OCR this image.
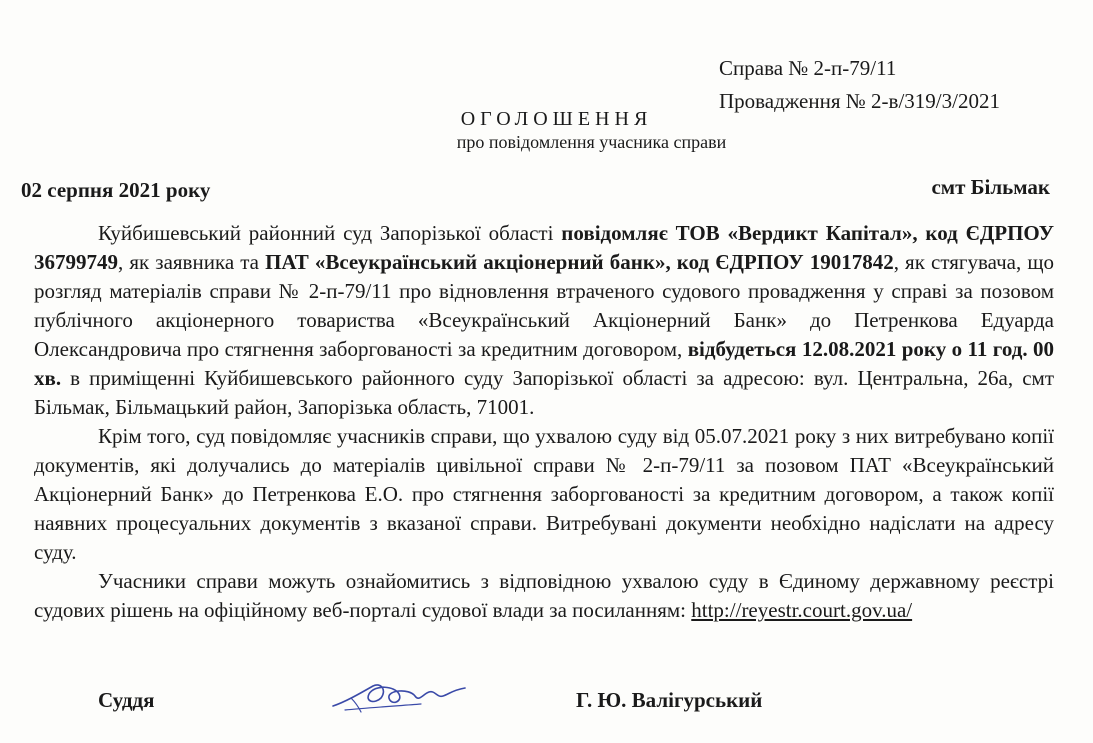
Справа № 2-п-79/11
Провадження № 2-в/319/3/2021
ОГОЛОШЕННЯ
про повідомлення учасника справи
02 серпня 2021 року	смт Більмак

Куйбишевський районний суд Запорізької області повідомляє ТОВ «Вердикт Капітал», код ЄДРПОУ 36799749, як заявника та ПАТ «Всеукраїнський акціонерний банк», код ЄДРПОУ 19017842, як стягувача, що розгляд матеріалів справи № 2-п-79/11 про відновлення втраченого судового провадження у справі за позовом публічного акціонерного товариства «Всеукраїнський Акціонерний Банк» до Петренкова Едуарда Олександровича про стягнення заборгованості за кредитним договором, відбудеться 12.08.2021 року о 11 год. 00 хв. в приміщенні Куйбишевського районного суду Запорізької області за адресою: вул. Центральна, 26а, смт Більмак, Більмацький район, Запорізька область, 71001.

Крім того, суд повідомляє учасників справи, що ухвалою суду від 05.07.2021 року з них витребувано копії документів, які долучались до матеріалів цивільної справи № 2-п-79/11 за позовом ПАТ «Всеукраїнський Акціонерний Банк» до Петренкова Е.О. про стягнення заборгованості за кредитним договором, а також копії наявних процесуальних документів з вказаної справи. Витребувані документи необхідно надіслати на адресу суду.

Учасники справи можуть ознайомитись з відповідною ухвалою суду в Єдиному державному реєстрі судових рішень на офіційному веб-порталі судової влади за посиланням: http://reyestr.court.gov.ua/

Суддя	Г. Ю. Валігурський
